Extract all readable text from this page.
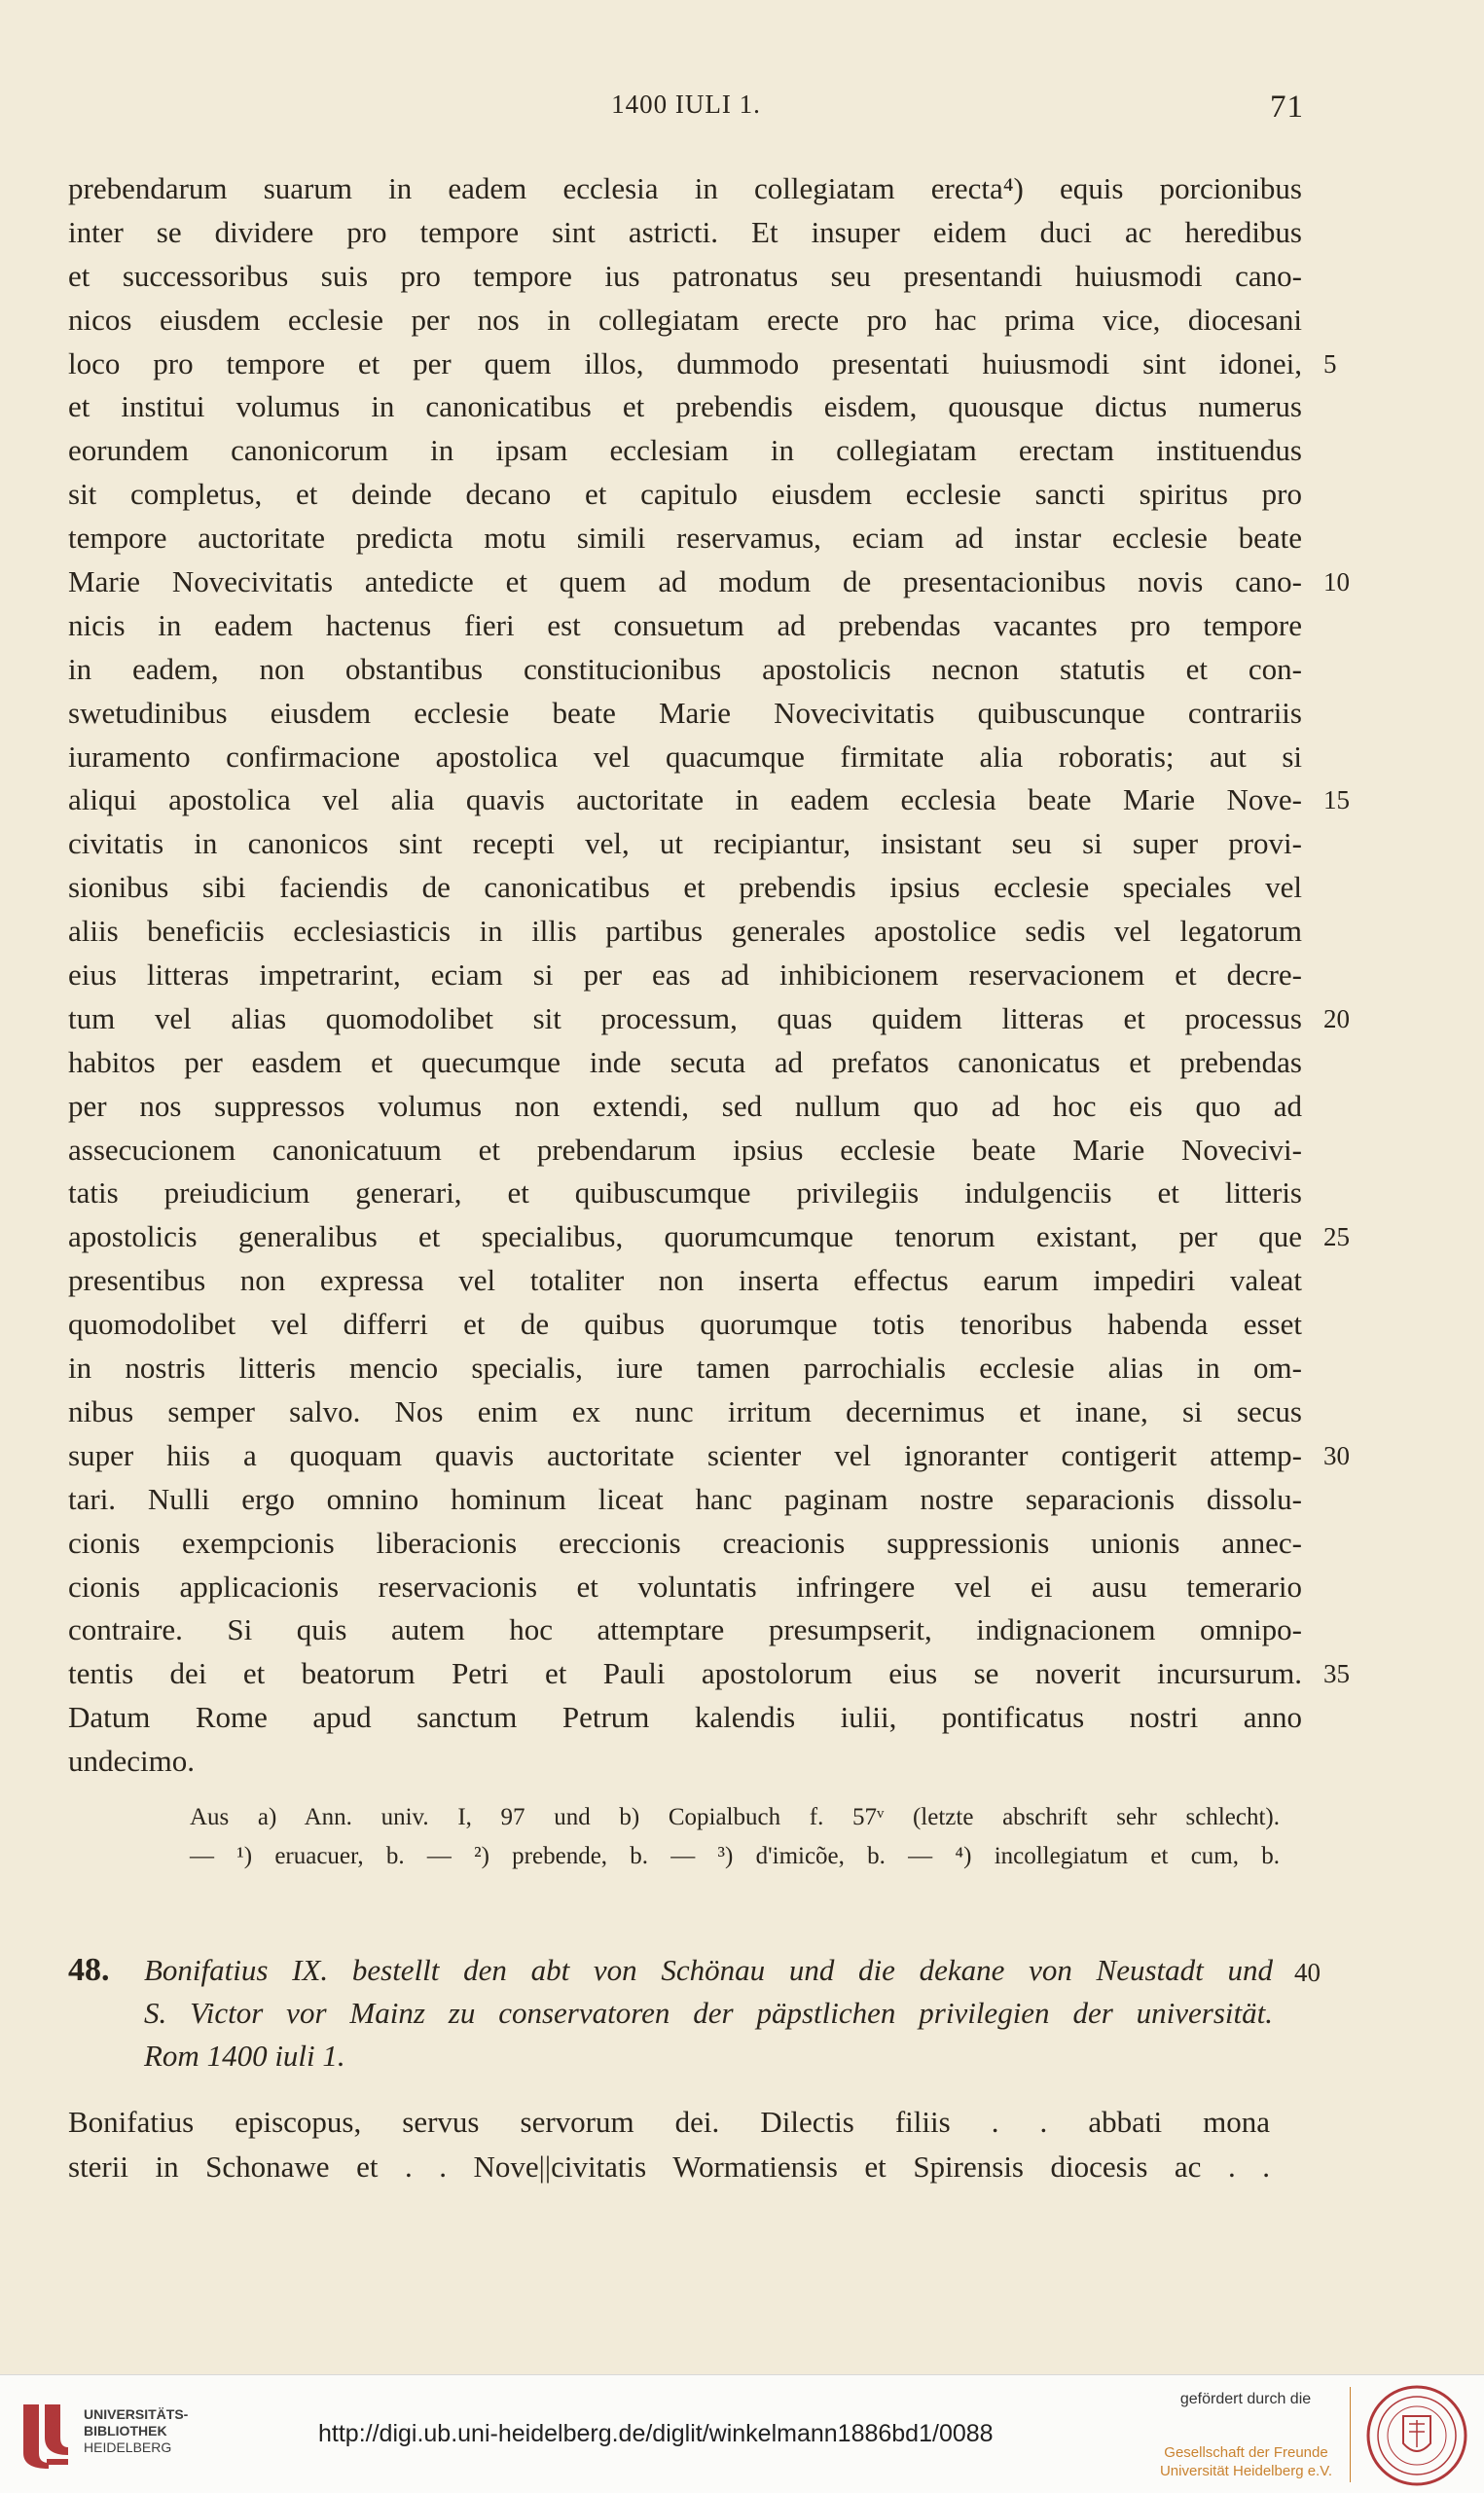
1400 IULI 1.	71
prebendarum suarum in eadem ecclesia in collegiatam erecta⁴) equis porcionibus
inter se dividere pro tempore sint astricti. Et insuper eidem duci ac heredibus
et successoribus suis pro tempore ius patronatus seu presentandi huiusmodi cano-
nicos eiusdem ecclesie per nos in collegiatam erecte pro hac prima vice, diocesani
loco pro tempore et per quem illos, dummodo presentati huiusmodi sint idonei, 5
et institui volumus in canonicatibus et prebendis eisdem, quousque dictus numerus
eorundem canonicorum in ipsam ecclesiam in collegiatam erectam instituendus
sit completus, et deinde decano et capitulo eiusdem ecclesie sancti spiritus pro
tempore auctoritate predicta motu simili reservamus, eciam ad instar ecclesie beate
Marie Novecivitatis antedicte et quem ad modum de presentacionibus novis cano- 10
nicis in eadem hactenus fieri est consuetum ad prebendas vacantes pro tempore
in eadem, non obstantibus constitucionibus apostolicis necnon statutis et con-
swetudinibus eiusdem ecclesie beate Marie Novecivitatis quibuscunque contrariis
iuramento confirmacione apostolica vel quacumque firmitate alia roboratis; aut si
aliqui apostolica vel alia quavis auctoritate in eadem ecclesia beate Marie Nove- 15
civitatis in canonicos sint recepti vel, ut recipiantur, insistant seu si super provi-
sionibus sibi faciendis de canonicatibus et prebendis ipsius ecclesie speciales vel
aliis beneficiis ecclesiasticis in illis partibus generales apostolice sedis vel legatorum
eius litteras impetrarint, eciam si per eas ad inhibicionem reservacionem et decre-
tum vel alias quomodolibet sit processum, quas quidem litteras et processus 20
habitos per easdem et quecumque inde secuta ad prefatos canonicatus et prebendas
per nos suppressos volumus non extendi, sed nullum quo ad hoc eis quo ad
assecucionem canonicatuum et prebendarum ipsius ecclesie beate Marie Novecivi-
tatis preiudicium generari, et quibuscumque privilegiis indulgenciis et litteris
apostolicis generalibus et specialibus, quorumcumque tenorum existant, per que 25
presentibus non expressa vel totaliter non inserta effectus earum impediri valeat
quomodolibet vel differri et de quibus quorumque totis tenoribus habenda esset
in nostris litteris mencio specialis, iure tamen parrochialis ecclesie alias in om-
nibus semper salvo. Nos enim ex nunc irritum decernimus et inane, si secus
super hiis a quoquam quavis auctoritate scienter vel ignoranter contigerit attemp- 30
tari. Nulli ergo omnino hominum liceat hanc paginam nostre separacionis dissolu-
cionis exempcionis liberacionis ereccionis creacionis suppressionis unionis annec-
cionis applicacionis reservacionis et voluntatis infringere vel ei ausu temerario
contraire. Si quis autem hoc attemptare presumpserit, indignacionem omnipo-
tentis dei et beatorum Petri et Pauli apostolorum eius se noverit incursurum. 35
Datum Rome apud sanctum Petrum kalendis iulii, pontificatus nostri anno
undecimo.
Aus a) Ann. univ. I, 97 und b) Copialbuch f. 57ᵛ (letzte abschrift sehr schlecht).
— ¹) eruacuer, b. — ²) prebende, b. — ³) d'imicõe, b. — ⁴) incollegiatum et cum, b.
48. Bonifatius IX. bestellt den abt von Schönau und die dekane von Neustadt und
S. Victor vor Mainz zu conservatoren der päpstlichen privilegien der universität.
Rom 1400 iuli 1.
40
Bonifatius episcopus, servus servorum dei. Dilectis filiis . . abbati mona
sterii in Schonawe et . . Nove||civitatis Wormatiensis et Spirensis diocesis ac . .
UNIVERSITÄTS-
BIBLIOTHEK
HEIDELBERG	http://digi.ub.uni-heidelberg.de/diglit/winkelmann1886bd1/0088
gefördert durch die
Gesellschaft der Freunde
Universität Heidelberg e.V.
